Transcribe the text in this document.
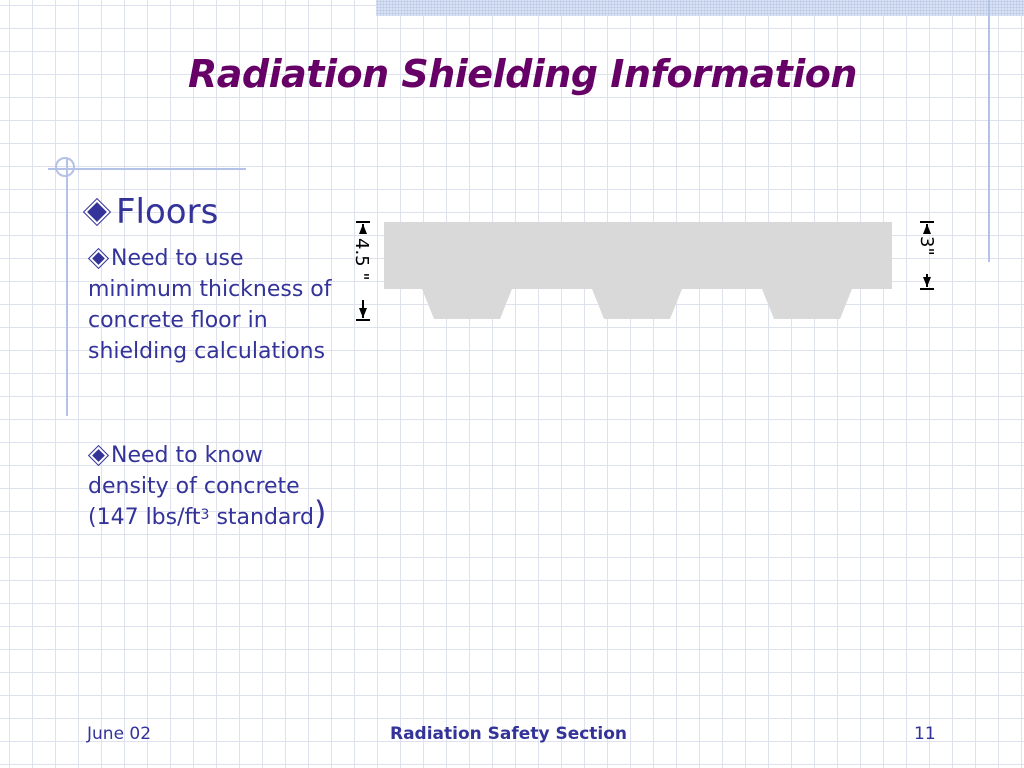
Radiation Shielding Information
Floors
Need to use minimum thickness of concrete floor in shielding calculations
Need to know density of concrete (147 lbs/$ft^3$ standard)
4.5 "	3"
June 02	Radiation Safety Section	11
